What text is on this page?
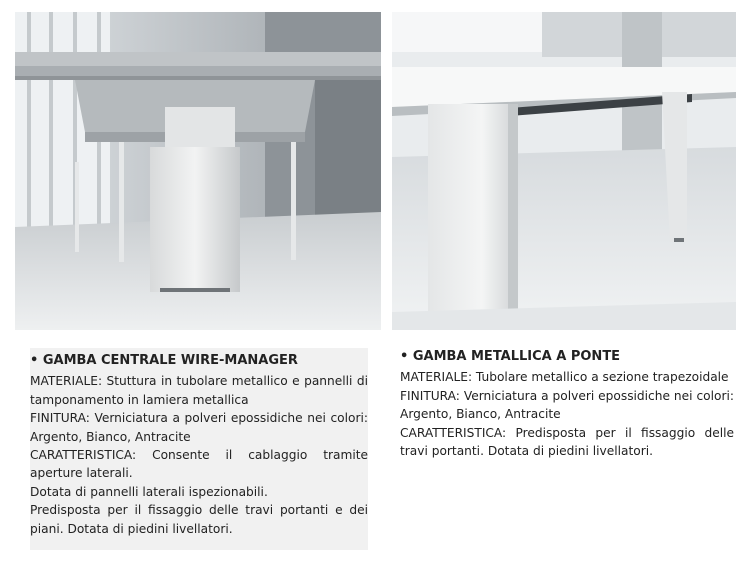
• GAMBA CENTRALE WIRE-MANAGER
MATERIALE: Stuttura in tubolare metallico e pannelli di tamponamento in lamiera metallica
FINITURA: Verniciatura a polveri epossidiche nei colori: Argento, Bianco, Antracite
CARATTERISTICA: Consente il cablaggio tramite aperture laterali.
Dotata di pannelli laterali ispezionabili.
Predisposta per il fissaggio delle travi portanti e dei piani. Dotata di piedini livellatori.
• GAMBA METALLICA A PONTE
MATERIALE: Tubolare metallico a sezione trapezoidale
FINITURA: Verniciatura a polveri epossidiche nei colori: Argento, Bianco, Antracite
CARATTERISTICA: Predisposta per il fissaggio delle travi portanti. Dotata di piedini livellatori.
